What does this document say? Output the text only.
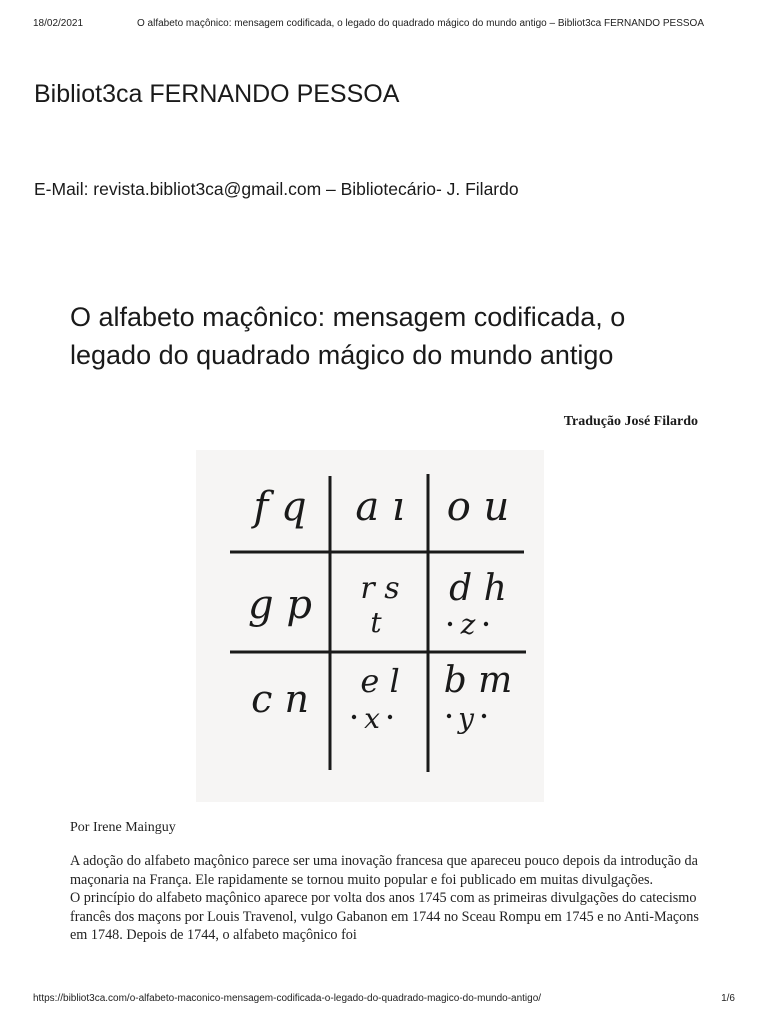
18/02/2021	O alfabeto maçônico: mensagem codificada, o legado do quadrado mágico do mundo antigo – Bibliot3ca FERNANDO PESSOA
Bibliot3ca FERNANDO PESSOA
E-Mail: revista.bibliot3ca@gmail.com – Bibliotecário- J. Filardo
O alfabeto maçônico: mensagem codificada, o legado do quadrado mágico do mundo antigo
Tradução José Filardo
f q a ı o u
g p r s
t
d h
z
c n e l
x
b m
y
Por Irene Mainguy

A adoção do alfabeto maçônico parece ser uma inovação francesa que apareceu pouco depois da introdução da maçonaria na França. Ele rapidamente se tornou muito popular e foi publicado em muitas divulgações.

O princípio do alfabeto maçônico aparece por volta dos anos 1745 com as primeiras divulgações do catecismo francês dos maçons por Louis Travenol, vulgo Gabanon em 1744 no Sceau Rompu em 1745 e no Anti-Maçons em 1748. Depois de 1744, o alfabeto maçônico foi

https://bibliot3ca.com/o-alfabeto-maconico-mensagem-codificada-o-legado-do-quadrado-magico-do-mundo-antigo/	1/6
